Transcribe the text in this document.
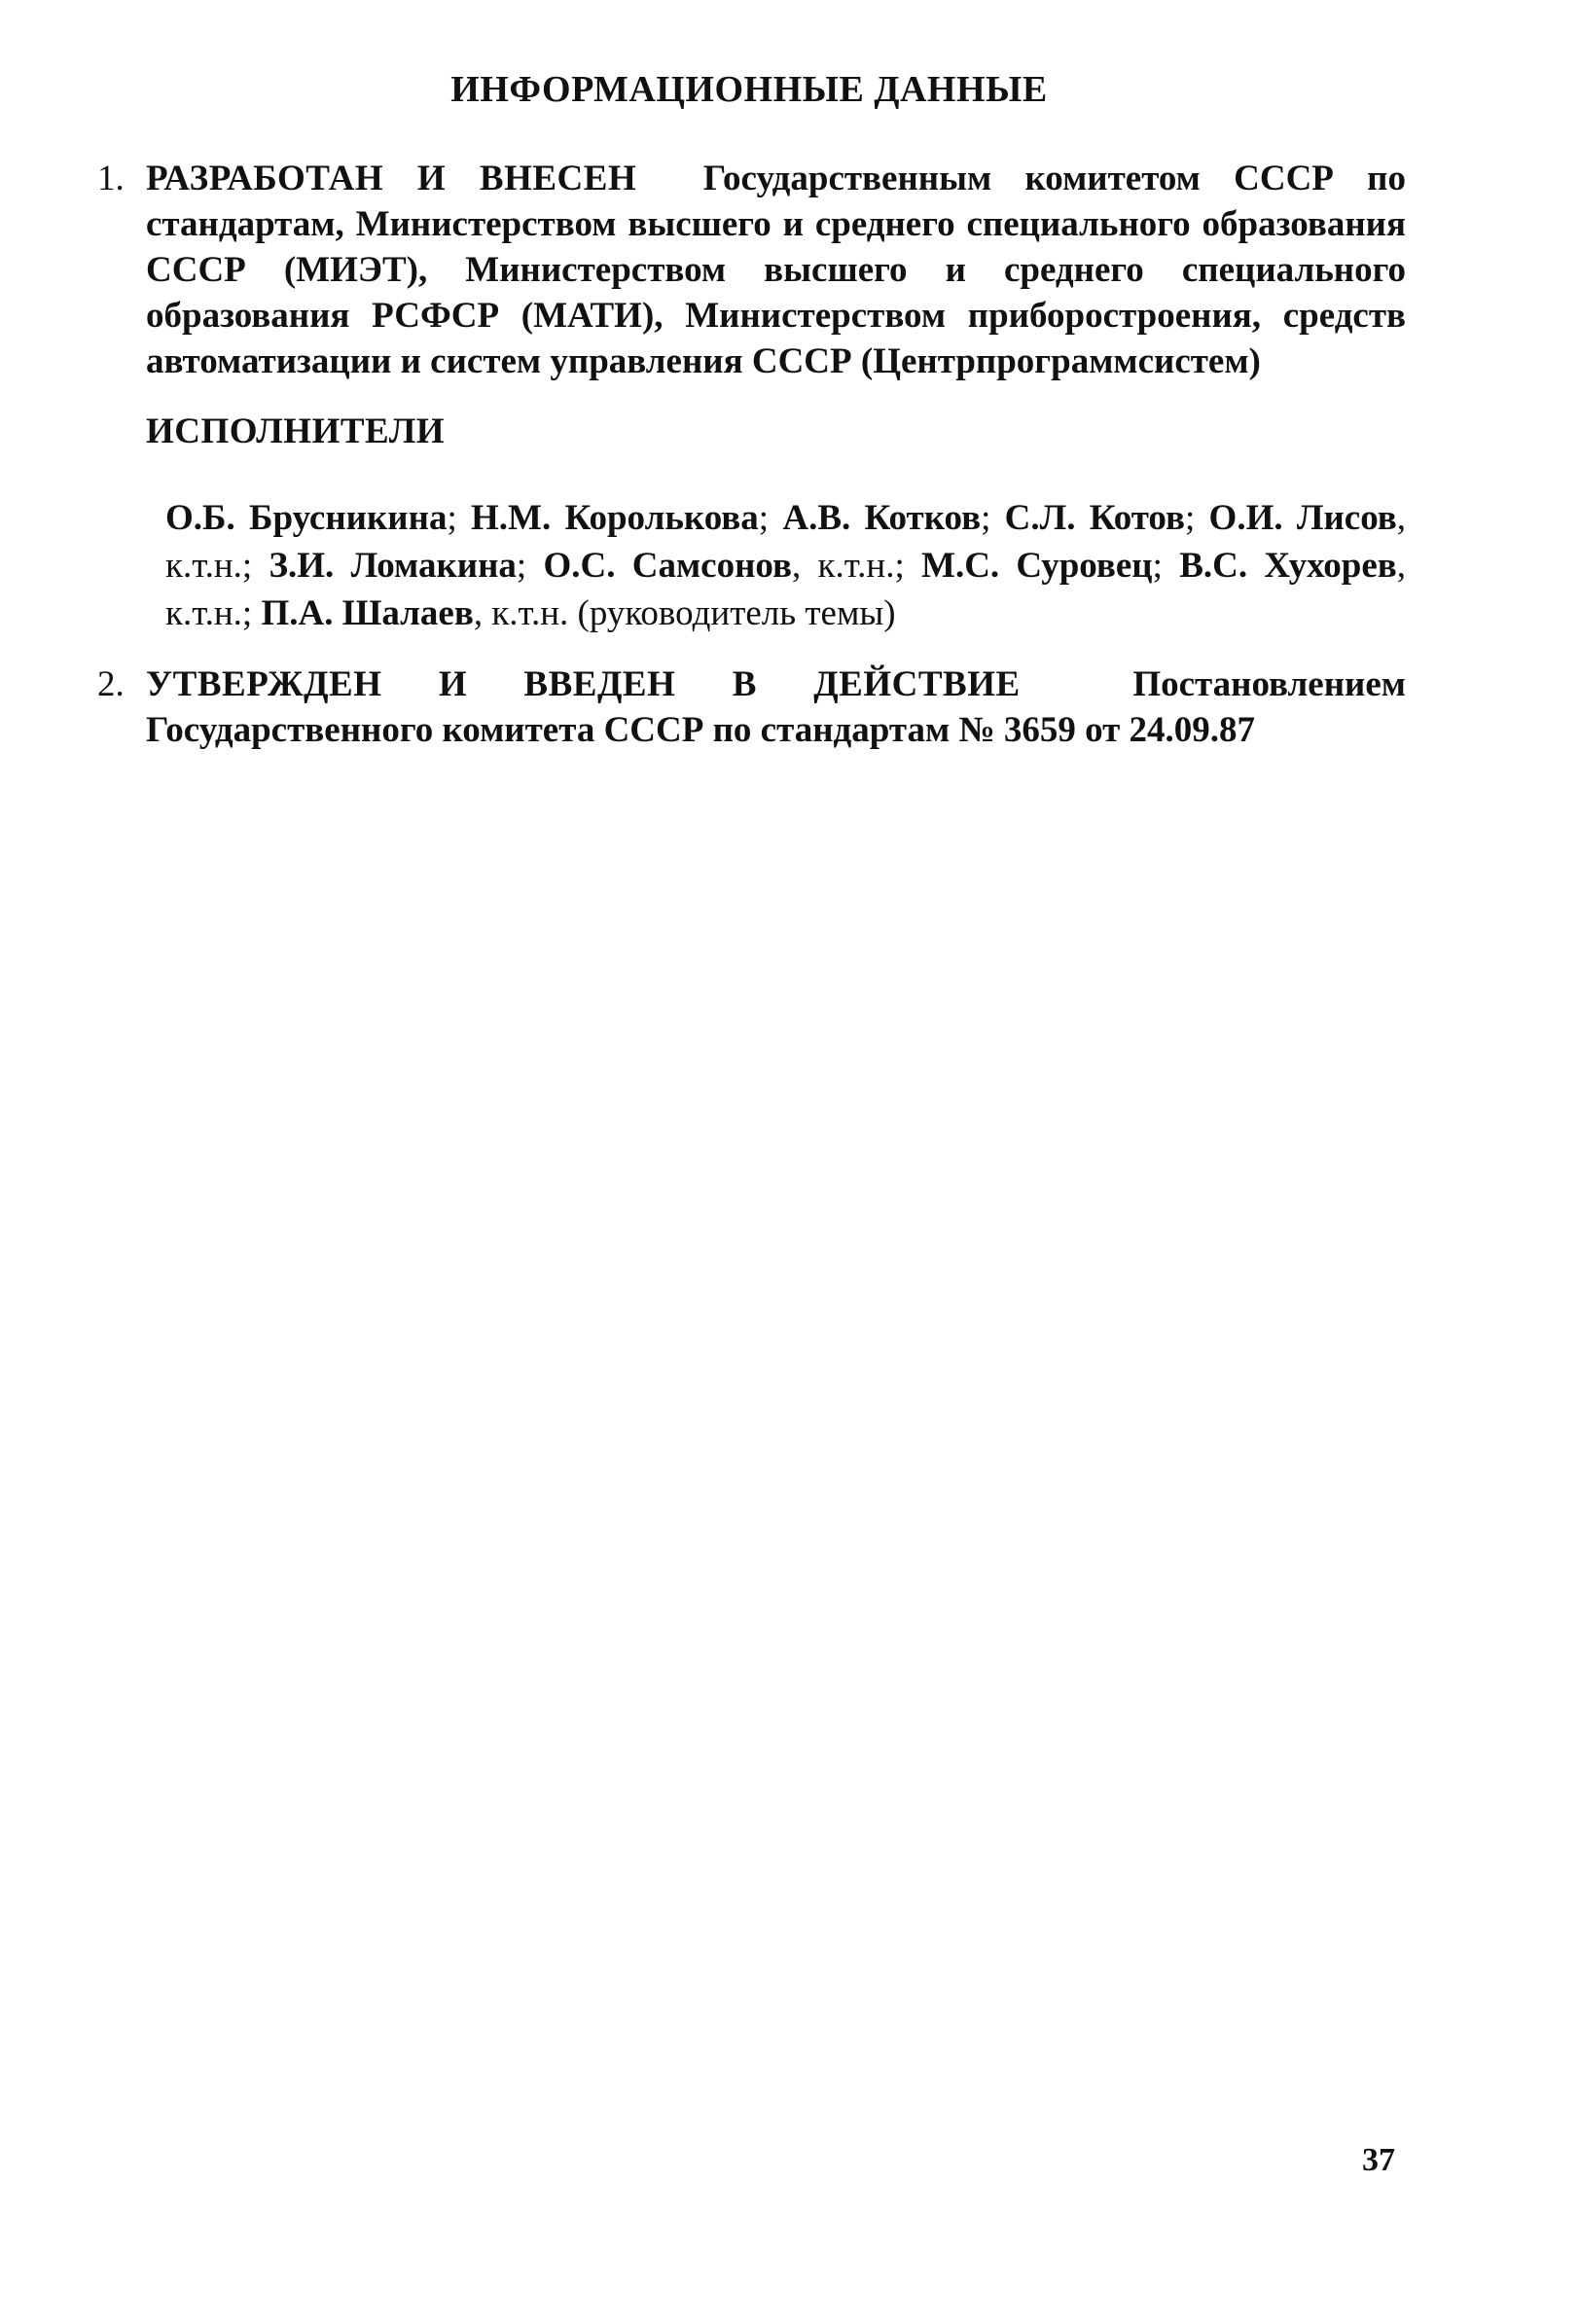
ИНФОРМАЦИОННЫЕ ДАННЫЕ
1. РАЗРАБОТАН И ВНЕСЕН Государственным комитетом СССР по стандартам, Министерством высшего и среднего специального образования СССР (МИЭТ), Министерством высшего и среднего специального образования РСФСР (МАТИ), Министерством приборостроения, средств автоматизации и систем управления СССР (Центрпрограммсистем)
ИСПОЛНИТЕЛИ
О.Б. Брусникина; Н.М. Королькова; А.В. Котков; С.Л. Котов; О.И. Лисов, к.т.н.; З.И. Ломакина; О.С. Самсонов, к.т.н.; М.С. Суровец; В.С. Хухорев, к.т.н.; П.А. Шалаев, к.т.н. (руководитель темы)
2. УТВЕРЖДЕН И ВВЕДЕН В ДЕЙСТВИЕ	Постановлением Государственного комитета СССР по стандартам № 3659 от 24.09.87
37
